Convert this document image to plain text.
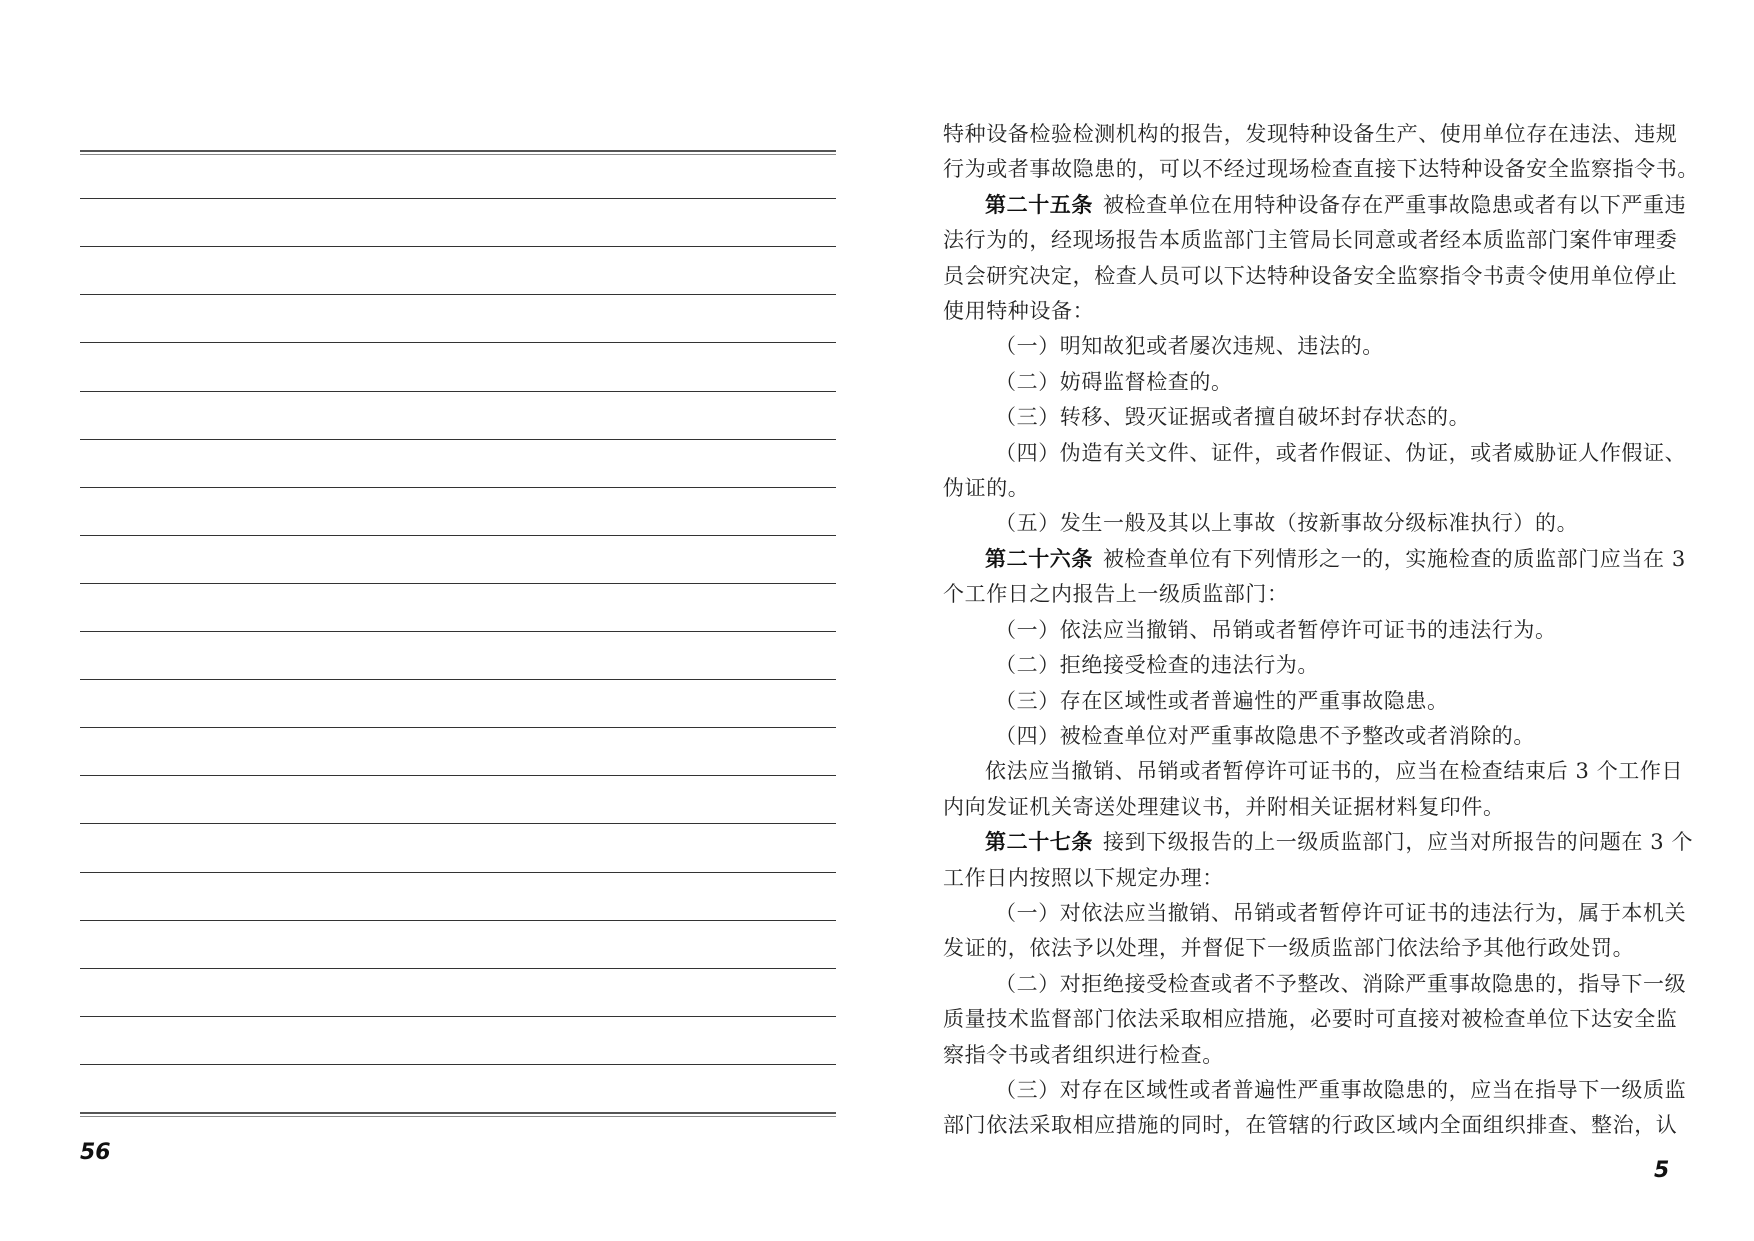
56
特种设备检验检测机构的报告，发现特种设备生产、使用单位存在违法、违规
行为或者事故隐患的，可以不经过现场检查直接下达特种设备安全监察指令书。
第二十五条 被检查单位在用特种设备存在严重事故隐患或者有以下严重违
法行为的，经现场报告本质监部门主管局长同意或者经本质监部门案件审理委
员会研究决定，检查人员可以下达特种设备安全监察指令书责令使用单位停止
使用特种设备：
（一）明知故犯或者屡次违规、违法的。
（二）妨碍监督检查的。
（三）转移、毁灭证据或者擅自破坏封存状态的。
（四）伪造有关文件、证件，或者作假证、伪证，或者威胁证人作假证、
伪证的。
（五）发生一般及其以上事故（按新事故分级标准执行）的。
第二十六条 被检查单位有下列情形之一的，实施检查的质监部门应当在 3
个工作日之内报告上一级质监部门：
（一）依法应当撤销、吊销或者暂停许可证书的违法行为。
（二）拒绝接受检查的违法行为。
（三）存在区域性或者普遍性的严重事故隐患。
（四）被检查单位对严重事故隐患不予整改或者消除的。
依法应当撤销、吊销或者暂停许可证书的，应当在检查结束后 3 个工作日
内向发证机关寄送处理建议书，并附相关证据材料复印件。
第二十七条 接到下级报告的上一级质监部门，应当对所报告的问题在 3 个
工作日内按照以下规定办理：
（一）对依法应当撤销、吊销或者暂停许可证书的违法行为，属于本机关
发证的，依法予以处理，并督促下一级质监部门依法给予其他行政处罚。
（二）对拒绝接受检查或者不予整改、消除严重事故隐患的，指导下一级
质量技术监督部门依法采取相应措施，必要时可直接对被检查单位下达安全监
察指令书或者组织进行检查。
（三）对存在区域性或者普遍性严重事故隐患的，应当在指导下一级质监
部门依法采取相应措施的同时，在管辖的行政区域内全面组织排查、整治，认
5
